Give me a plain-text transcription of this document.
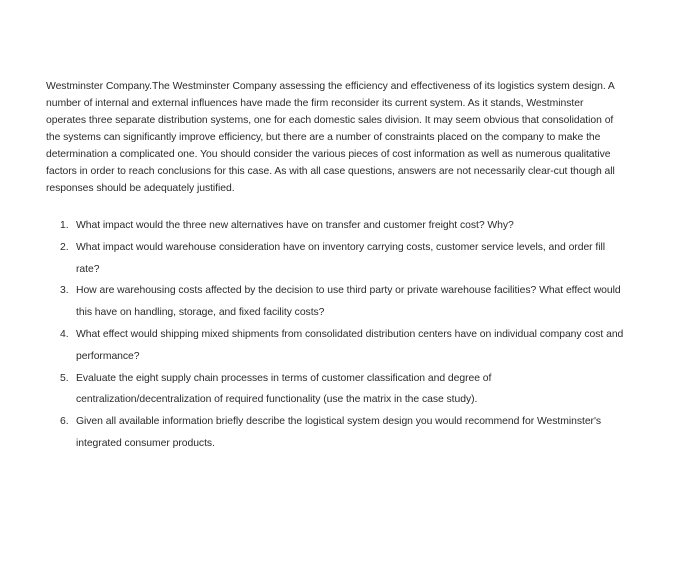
Westminster Company.The Westminster Company assessing the efficiency and effectiveness of its logistics system design. A number of internal and external influences have made the firm reconsider its current system. As it stands, Westminster operates three separate distribution systems, one for each domestic sales division. It may seem obvious that consolidation of the systems can significantly improve efficiency, but there are a number of constraints placed on the company to make the determination a complicated one. You should consider the various pieces of cost information as well as numerous qualitative factors in order to reach conclusions for this case. As with all case questions, answers are not necessarily clear-cut though all responses should be adequately justified.

1. What impact would the three new alternatives have on transfer and customer freight cost? Why?
2. What impact would warehouse consideration have on inventory carrying costs, customer service levels, and order fill rate?
3. How are warehousing costs affected by the decision to use third party or private warehouse facilities? What effect would this have on handling, storage, and fixed facility costs?
4. What effect would shipping mixed shipments from consolidated distribution centers have on individual company cost and performance?
5. Evaluate the eight supply chain processes in terms of customer classification and degree of centralization/decentralization of required functionality (use the matrix in the case study).
6. Given all available information briefly describe the logistical system design you would recommend for Westminster's integrated consumer products.
